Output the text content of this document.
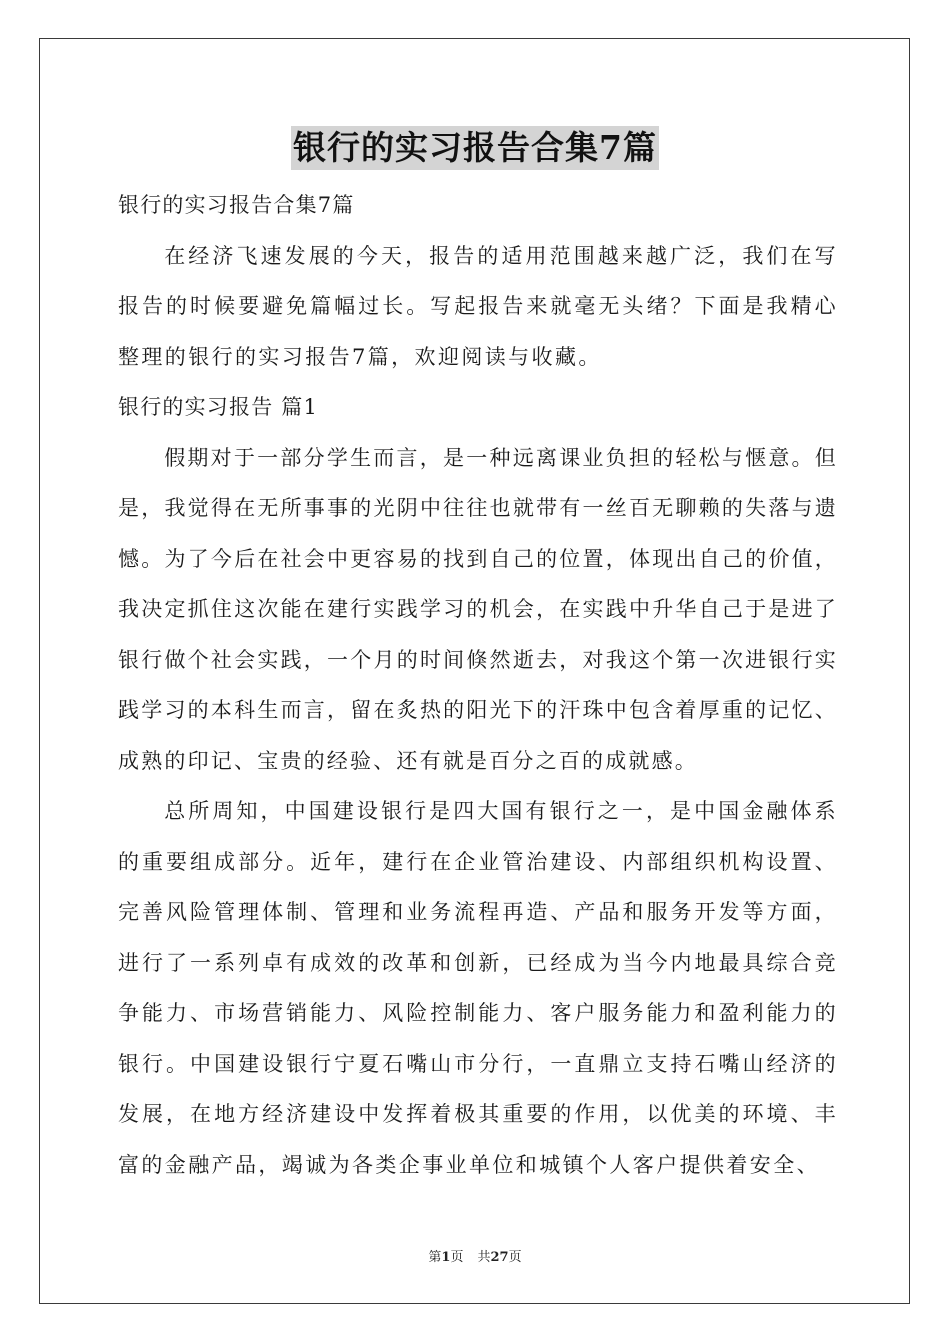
银行的实习报告合集7篇
银行的实习报告合集7篇

在经济飞速发展的今天，报告的适用范围越来越广泛，我们在写报告的时候要避免篇幅过长。写起报告来就毫无头绪？下面是我精心整理的银行的实习报告7篇，欢迎阅读与收藏。

银行的实习报告 篇1

假期对于一部分学生而言，是一种远离课业负担的轻松与惬意。但是，我觉得在无所事事的光阴中往往也就带有一丝百无聊赖的失落与遗憾。为了今后在社会中更容易的找到自己的位置，体现出自己的价值，我决定抓住这次能在建行实践学习的机会，在实践中升华自己于是进了银行做个社会实践，一个月的时间倏然逝去，对我这个第一次进银行实践学习的本科生而言，留在炙热的阳光下的汗珠中包含着厚重的记忆、成熟的印记、宝贵的经验、还有就是百分之百的成就感。

总所周知，中国建设银行是四大国有银行之一，是中国金融体系的重要组成部分。近年，建行在企业管治建设、内部组织机构设置、完善风险管理体制、管理和业务流程再造、产品和服务开发等方面，进行了一系列卓有成效的改革和创新，已经成为当今内地最具综合竞争能力、市场营销能力、风险控制能力、客户服务能力和盈利能力的银行。中国建设银行宁夏石嘴山市分行，一直鼎立支持石嘴山经济的发展，在地方经济建设中发挥着极其重要的作用，以优美的环境、丰富的金融产品，竭诚为各类企事业单位和城镇个人客户提供着安全、

第1页 共27页
